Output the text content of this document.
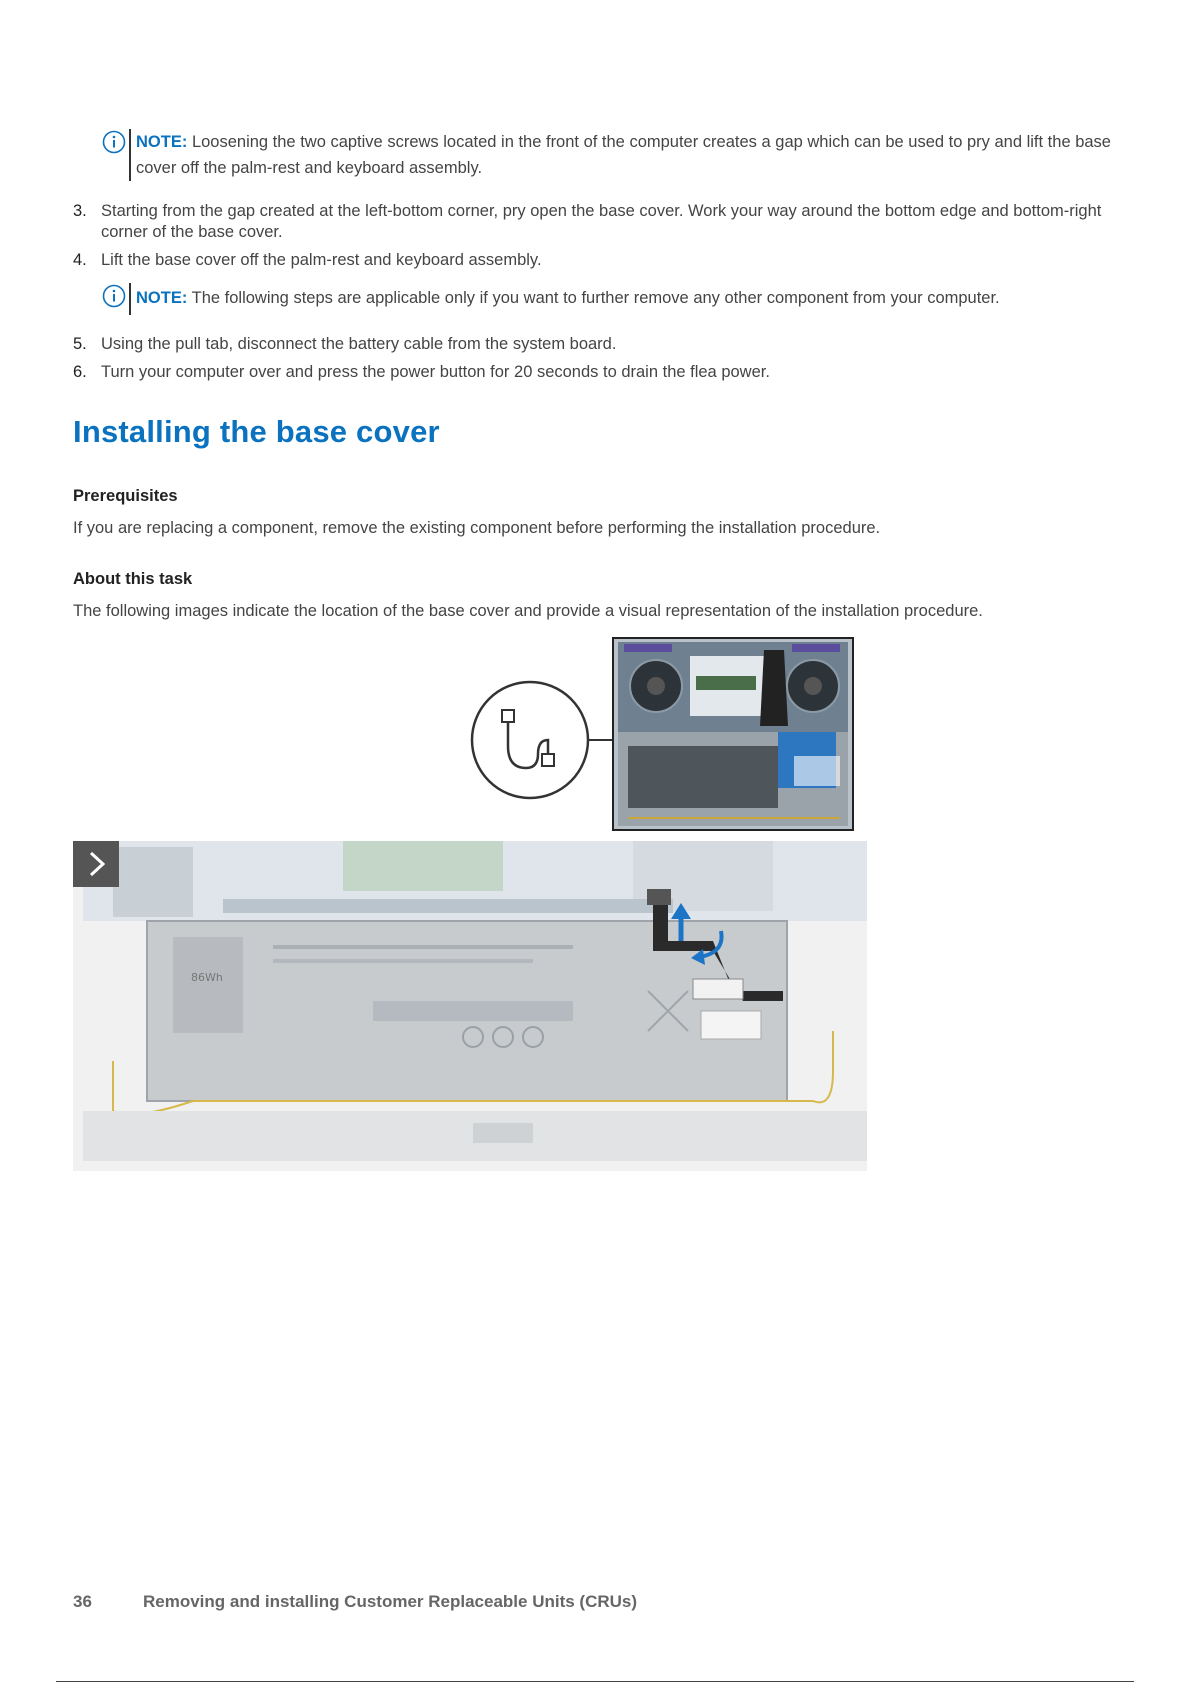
NOTE: Loosening the two captive screws located in the front of the computer creates a gap which can be used to pry and lift the base cover off the palm-rest and keyboard assembly.
3. Starting from the gap created at the left-bottom corner, pry open the base cover. Work your way around the bottom edge and bottom-right corner of the base cover.
4. Lift the base cover off the palm-rest and keyboard assembly.
NOTE: The following steps are applicable only if you want to further remove any other component from your computer.
5. Using the pull tab, disconnect the battery cable from the system board.
6. Turn your computer over and press the power button for 20 seconds to drain the flea power.
Installing the base cover
Prerequisites
If you are replacing a component, remove the existing component before performing the installation procedure.
About this task
The following images indicate the location of the base cover and provide a visual representation of the installation procedure.
86Wh
36	Removing and installing Customer Replaceable Units (CRUs)
